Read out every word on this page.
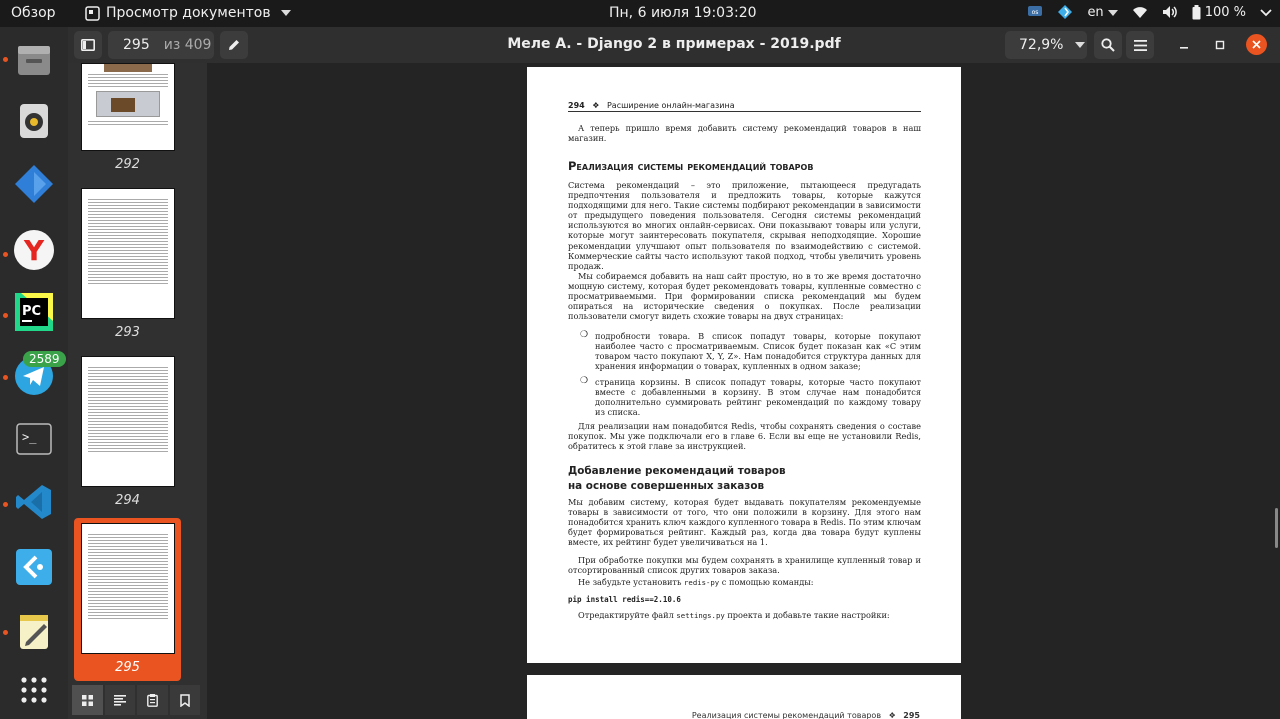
Обзор	Просмотр документов	Пн, 6 июля 19:03:20	os	en	100 %
Y
PC
2589
>_
Меле А. - Django 2 в примерах - 2019.pdf
295 из 409	72,9%
292
293
294
295
294 ❖ Расширение онлайн-магазина
А теперь пришло время добавить систему рекомендаций товаров в наш магазин.
Реализация системы рекомендаций товаров
Система рекомендаций – это приложение, пытающееся предугадать предпочтения пользователя и предложить товары, которые кажутся подходящими для него. Такие системы подбирают рекомендации в зависимости от предыдущего поведения пользователя. Сегодня системы рекомендаций используются во многих онлайн-сервисах. Они показывают товары или услуги, которые могут заинтересовать покупателя, скрывая неподходящие. Хорошие рекомендации улучшают опыт пользователя по взаимодействию с системой. Коммерческие сайты часто используют такой подход, чтобы увеличить уровень продаж.
Мы собираемся добавить на наш сайт простую, но в то же время достаточно мощную систему, которая будет рекомендовать товары, купленные совместно с просматриваемыми. При формировании списка рекомендаций мы будем опираться на исторические сведения о покупках. После реализации пользователи смогут видеть схожие товары на двух страницах:
❍ подробности товара. В список попадут товары, которые покупают наиболее часто с просматриваемым. Список будет показан как «С этим товаром часто покупают X, Y, Z». Нам понадобится структура данных для хранения информации о товарах, купленных в одном заказе;
❍ страница корзины. В список попадут товары, которые часто покупают вместе с добавленными в корзину. В этом случае нам понадобится дополнительно суммировать рейтинг рекомендаций по каждому товару из списка.
Для реализации нам понадобится Redis, чтобы сохранять сведения о составе покупок. Мы уже подключали его в главе 6. Если вы еще не установили Redis, обратитесь к этой главе за инструкцией.
Добавление рекомендаций товаров
на основе совершенных заказов
Мы добавим систему, которая будет выдавать покупателям рекомендуемые товары в зависимости от того, что они положили в корзину. Для этого нам понадобится хранить ключ каждого купленного товара в Redis. По этим ключам будет формироваться рейтинг. Каждый раз, когда два товара будут куплены вместе, их рейтинг будет увеличиваться на 1.
При обработке покупки мы будем сохранять в хранилище купленный товар и отсортированный список других товаров заказа.
Не забудьте установить redis-py с помощью команды:
pip install redis==2.10.6
Отредактируйте файл settings.py проекта и добавьте такие настройки:
Реализация системы рекомендаций товаров ❖ 295
